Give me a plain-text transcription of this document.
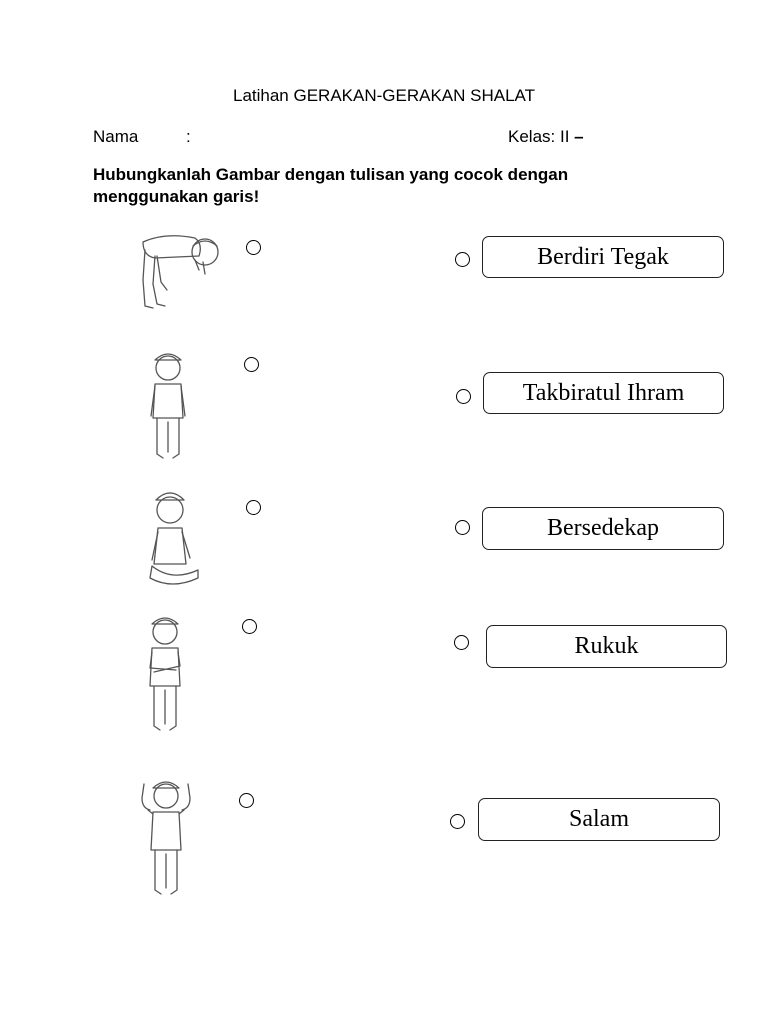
Latihan GERAKAN-GERAKAN SHALAT
Nama	:	Kelas: II –
Hubungkanlah Gambar dengan tulisan yang cocok dengan menggunakan garis!
Berdiri Tegak
Takbiratul Ihram
Bersedekap
Rukuk
Salam
